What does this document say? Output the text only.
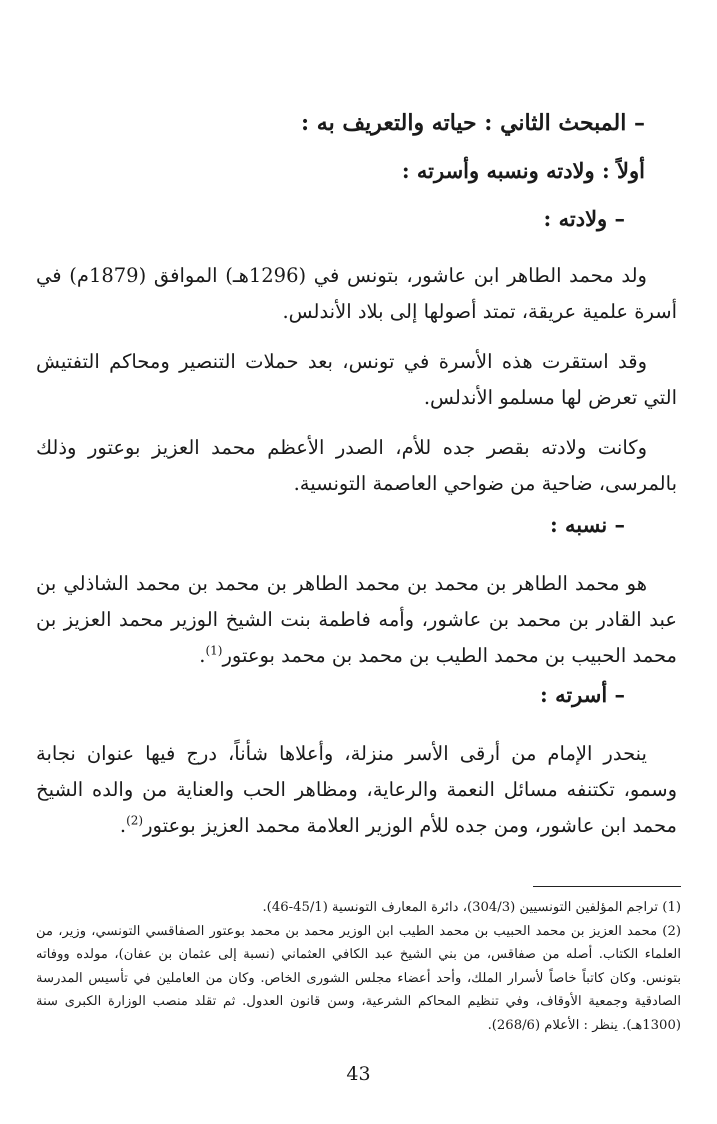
– المبحث الثاني : حياته والتعريف به :
أولاً : ولادته ونسبه وأسرته :
– ولادته :

ولد محمد الطاهر ابن عاشور، بتونس في (1296هـ) الموافق (1879م) في أسرة علمية عريقة، تمتد أصولها إلى بلاد الأندلس.

وقد استقرت هذه الأسرة في تونس، بعد حملات التنصير ومحاكم التفتيش التي تعرض لها مسلمو الأندلس.

وكانت ولادته بقصر جده للأم، الصدر الأعظم محمد العزيز بوعتور وذلك بالمرسى، ضاحية من ضواحي العاصمة التونسية.

– نسبه :

هو محمد الطاهر بن محمد بن محمد الطاهر بن محمد بن محمد الشاذلي بن عبد القادر بن محمد بن عاشور، وأمه فاطمة بنت الشيخ الوزير محمد العزيز بن محمد الحبيب بن محمد الطيب بن محمد بن محمد بوعتور$^{(1)}$.

– أسرته :

ينحدر الإمام من أرقى الأسر منزلة، وأعلاها شأناً، درج فيها عنوان نجابة وسمو، تكتنفه مسائل النعمة والرعاية، ومظاهر الحب والعناية من والده الشيخ محمد ابن عاشور، ومن جده للأم الوزير العلامة محمد العزيز بوعتور$^{(2)}$.

(1) تراجم المؤلفين التونسيين (304/3)، دائرة المعارف التونسية (45/1-46).

(2) محمد العزيز بن محمد الحبيب بن محمد الطيب ابن الوزير محمد بن محمد بوعتور الصفاقسي التونسي، وزير، من العلماء الكتاب. أصله من صفاقس، من بني الشيخ عبد الكافي العثماني (نسبة إلى عثمان بن عفان)، مولده ووفاته بتونس. وكان كاتباً خاصاً لأسرار الملك، وأحد أعضاء مجلس الشورى الخاص. وكان من العاملين في تأسيس المدرسة الصادقية وجمعية الأوقاف، وفي تنظيم المحاكم الشرعية، وسن قانون العدول. ثم تقلد منصب الوزارة الكبرى سنة (1300هـ). ينظر : الأعلام (268/6).

43
